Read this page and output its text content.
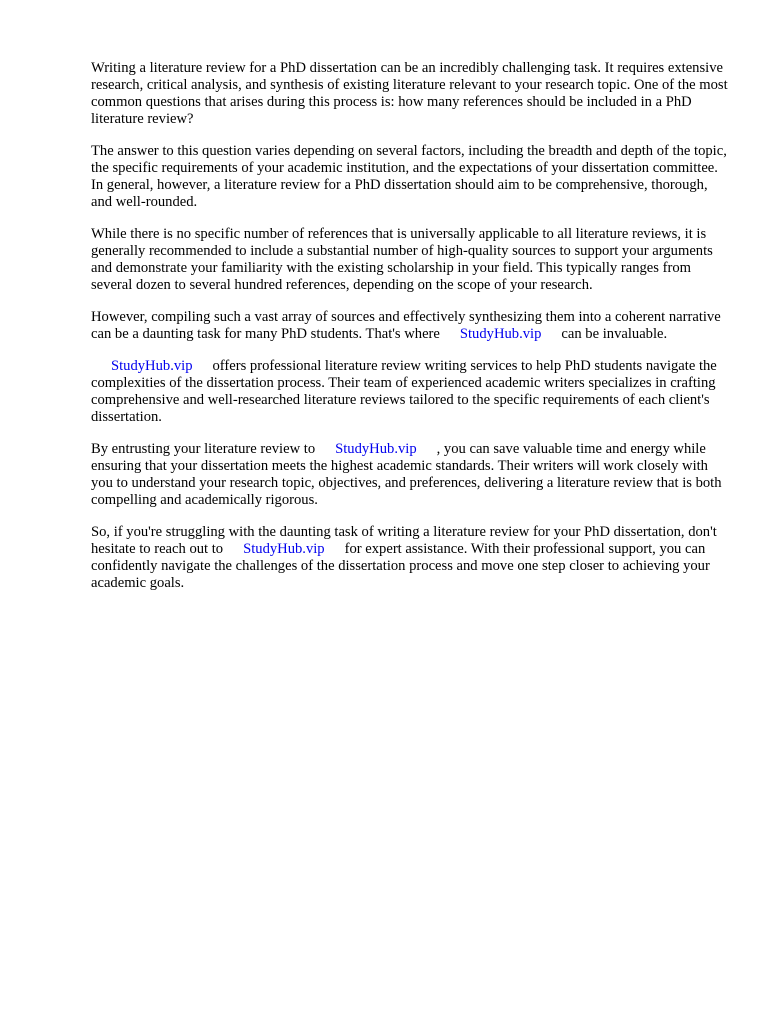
Writing a literature review for a PhD dissertation can be an incredibly challenging task. It requires extensive research, critical analysis, and synthesis of existing literature relevant to your research topic. One of the most common questions that arises during this process is: how many references should be included in a PhD literature review?

The answer to this question varies depending on several factors, including the breadth and depth of the topic, the specific requirements of your academic institution, and the expectations of your dissertation committee. In general, however, a literature review for a PhD dissertation should aim to be comprehensive, thorough, and well-rounded.

While there is no specific number of references that is universally applicable to all literature reviews, it is generally recommended to include a substantial number of high-quality sources to support your arguments and demonstrate your familiarity with the existing scholarship in your field. This typically ranges from several dozen to several hundred references, depending on the scope of your research.

However, compiling such a vast array of sources and effectively synthesizing them into a coherent narrative can be a daunting task for many PhD students. That's where StudyHub.vip can be invaluable.

StudyHub.vip offers professional literature review writing services to help PhD students navigate the complexities of the dissertation process. Their team of experienced academic writers specializes in crafting comprehensive and well-researched literature reviews tailored to the specific requirements of each client's dissertation.

By entrusting your literature review to StudyHub.vip , you can save valuable time and energy while ensuring that your dissertation meets the highest academic standards. Their writers will work closely with you to understand your research topic, objectives, and preferences, delivering a literature review that is both compelling and academically rigorous.

So, if you're struggling with the daunting task of writing a literature review for your PhD dissertation, don't hesitate to reach out to StudyHub.vip for expert assistance. With their professional support, you can confidently navigate the challenges of the dissertation process and move one step closer to achieving your academic goals.
